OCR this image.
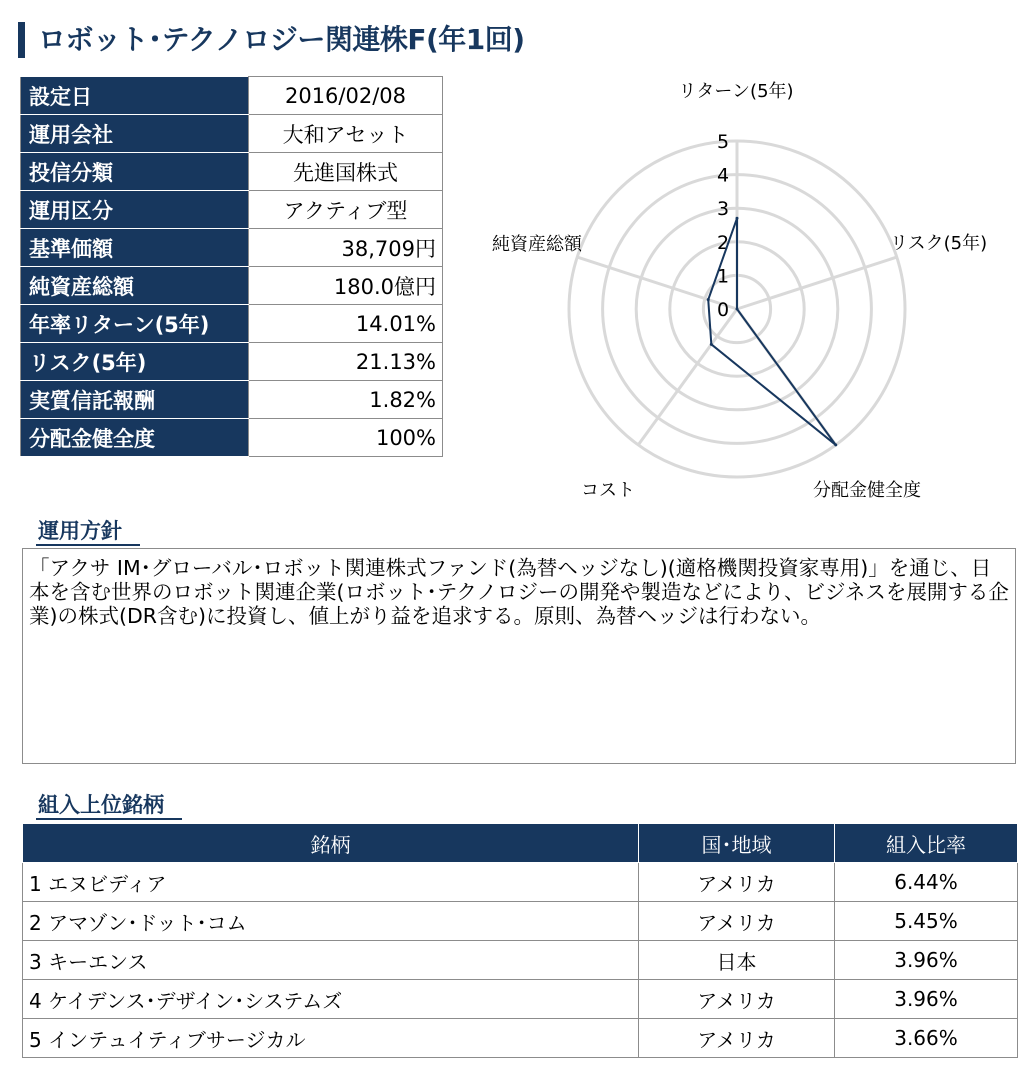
ロボット･テクノロジー関連株F(年1回)
設定日	2016/02/08
運用会社	大和アセット
投信分類	先進国株式
運用区分	アクティブ型
基準価額	38,709円
純資産総額	180.0億円
年率リターン(5年)	14.01%
リスク(5年)	21.13%
実質信託報酬	1.82%
分配金健全度	100%
0
1
2
3
4
5
リターン(5年)
リスク(5年)
分配金健全度
コスト
純資産総額
運用方針
「アクサ IM･グローバル･ロボット関連株式ファンド(為替ヘッジなし)(適格機関投資家専用)」を通じ、日本を含む世界のロボット関連企業(ロボット･テクノロジーの開発や製造などにより、ビジネスを展開する企業)の株式(DR含む)に投資し、値上がり益を追求する。原則、為替ヘッジは行わない。
組入上位銘柄
銘柄	国･地域	組入比率
1 エヌビディア	アメリカ	6.44%
2 アマゾン･ドット･コム	アメリカ	5.45%
3 キーエンス	日本	3.96%
4 ケイデンス･デザイン･システムズ	アメリカ	3.96%
5 インテュイティブサージカル	アメリカ	3.66%
